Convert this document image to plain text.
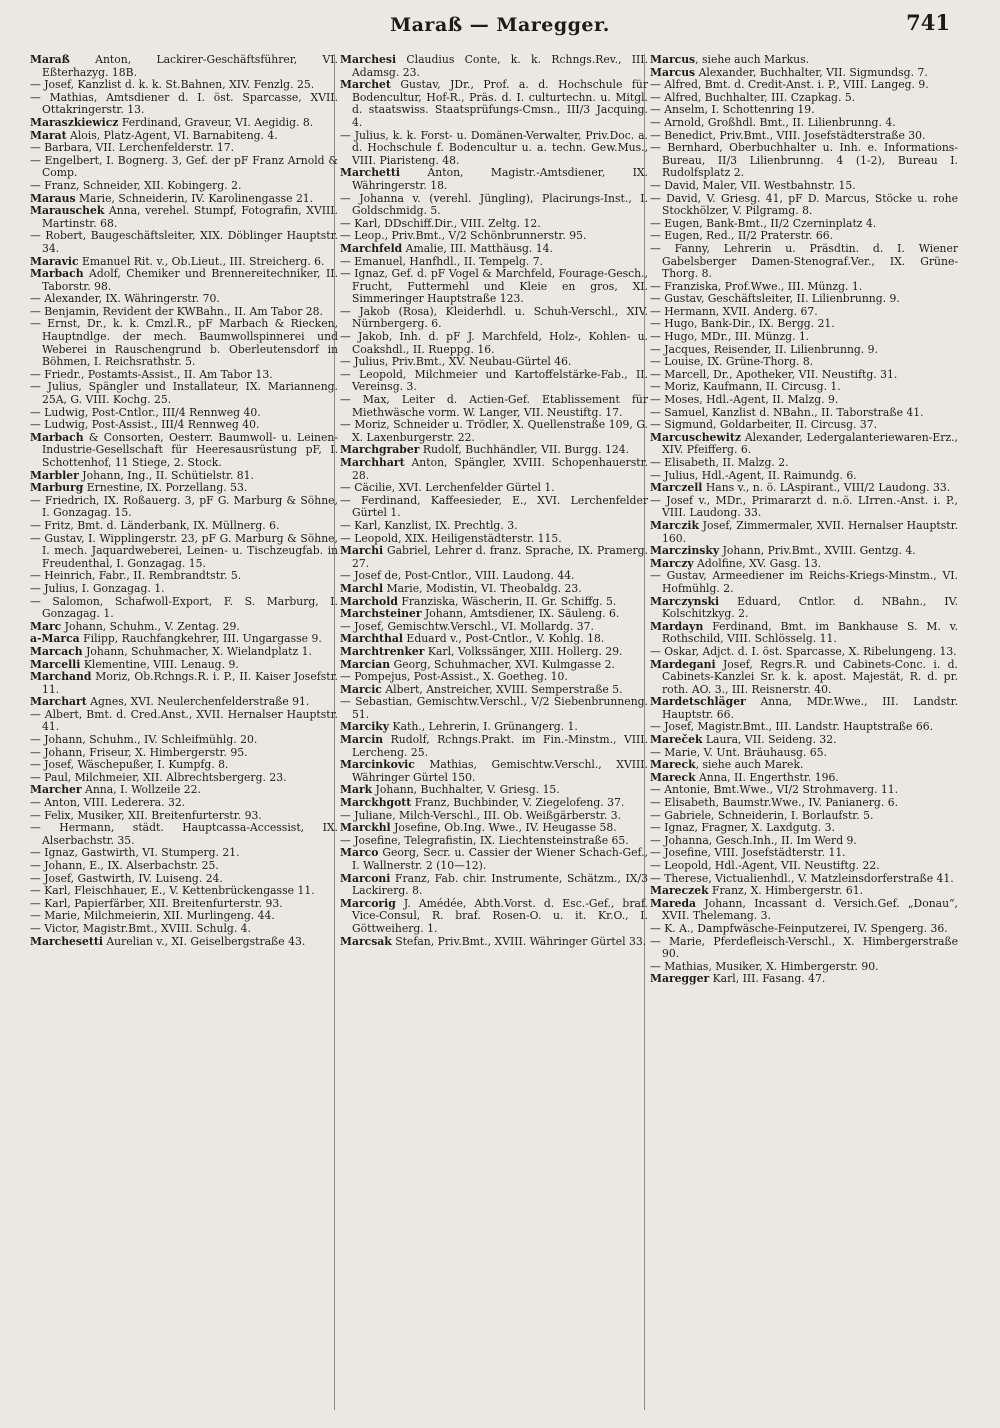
Maraß — Maregger.	741

Maraß Anton, Lackirer-Geschäftsführer, VI. Eßterhazyg. 18B.

— Josef, Kanzlist d. k. k. St.Bahnen, XIV. Fenzlg. 25.

— Mathias, Amtsdiener d. I. öst. Sparcasse, XVII. Ottakringerstr. 13.

Maraszkiewicz Ferdinand, Graveur, VI. Aegidig. 8.

Marat Alois, Platz-Agent, VI. Barnabiteng. 4.

— Barbara, VII. Lerchenfelderstr. 17.

— Engelbert, I. Bognerg. 3, Gef. der pF Franz Arnold & Comp.

— Franz, Schneider, XII. Kobingerg. 2.

Maraus Marie, Schneiderin, IV. Karolinengasse 21.

Marauschek Anna, verehel. Stumpf, Fotografin, XVIII. Martinstr. 68.

— Robert, Baugeschäftsleiter, XIX. Döblinger Hauptstr. 34.

Maravic Emanuel Rit. v., Ob.Lieut., III. Streicherg. 6.

Marbach Adolf, Chemiker und Brennereitechniker, II. Taborstr. 98.

— Alexander, IX. Währingerstr. 70.

— Benjamin, Revident der KWBahn., II. Am Tabor 28.

— Ernst, Dr., k. k. Cmzl.R., pF Marbach & Riecken, Hauptndlge. der mech. Baumwollspinnerei und Weberei in Rauschengrund b. Oberleutensdorf in Böhmen, I. Reichsrathstr. 5.

— Friedr., Postamts-Assist., II. Am Tabor 13.

— Julius, Spängler und Installateur, IX. Marianneng. 25A, G. VIII. Kochg. 25.

— Ludwig, Post-Cntlor., III/4 Rennweg 40.

— Ludwig, Post-Assist., III/4 Rennweg 40.

Marbach & Consorten, Oesterr. Baumwoll- u. Leinen-Industrie-Gesellschaft für Heeresausrüstung pF, I. Schottenhof, 11 Stiege, 2. Stock.

Marbler Johann, Ing., II. Schütielstr. 81.

Marburg Ernestine, IX. Porzellang. 53.

— Friedrich, IX. Roßauerg. 3, pF G. Marburg & Söhne, I. Gonzagag. 15.

— Fritz, Bmt. d. Länderbank, IX. Müllnerg. 6.

— Gustav, I. Wipplingerstr. 23, pF G. Marburg & Söhne, I. mech. Jaquardweberei, Leinen- u. Tischzeugfab. in Freudenthal, I. Gonzagag. 15.

— Heinrich, Fabr., II. Rembrandtstr. 5.

— Julius, I. Gonzagag. 1.

— Salomon, Schafwoll-Export, F. S. Marburg, I. Gonzagag. 1.

Marc Johann, Schuhm., V. Zentag. 29.

a-Marca Filipp, Rauchfangkehrer, III. Ungargasse 9.

Marcach Johann, Schuhmacher, X. Wielandplatz 1.

Marcelli Klementine, VIII. Lenaug. 9.

Marchand Moriz, Ob.Rchngs.R. i. P., II. Kaiser Josefstr. 11.

Marchart Agnes, XVI. Neulerchenfelderstraße 91.

— Albert, Bmt. d. Cred.Anst., XVII. Hernalser Hauptstr. 41.

— Johann, Schuhm., IV. Schleifmühlg. 20.

— Johann, Friseur, X. Himbergerstr. 95.

— Josef, Wäschepußer, I. Kumpfg. 8.

— Paul, Milchmeier, XII. Albrechtsbergerg. 23.

Marcher Anna, I. Wollzeile 22.

— Anton, VIII. Lederera. 32.

— Felix, Musiker, XII. Breitenfurterstr. 93.

— Hermann, städt. Hauptcassa-Accessist, IX. Alserbachstr. 35.

— Ignaz, Gastwirth, VI. Stumperg. 21.

— Johann, E., IX. Alserbachstr. 25.

— Josef, Gastwirth, IV. Luiseng. 24.

— Karl, Fleischhauer, E., V. Kettenbrückengasse 11.

— Karl, Papierfärber, XII. Breitenfurterstr. 93.

— Marie, Milchmeierin, XII. Murlingeng. 44.

— Victor, Magistr.Bmt., XVIII. Schulg. 4.

Marchesetti Aurelian v., XI. Geiselbergstraße 43.

Marchesi Claudius Conte, k. k. Rchngs.Rev., III. Adamsg. 23.

Marchet Gustav, JDr., Prof. a. d. Hochschule für Bodencultur, Hof-R., Präs. d. I. culturtechn. u. Mitgl. d. staatswiss. Staatsprüfungs-Cmsn., III/3 Jacquing. 4.

— Julius, k. k. Forst- u. Domänen-Verwalter, Priv.Doc. a. d. Hochschule f. Bodencultur u. a. techn. Gew.Mus., VIII. Piaristeng. 48.

Marchetti Anton, Magistr.-Amtsdiener, IX. Währingerstr. 18.

— Johanna v. (verehl. Jüngling), Placirungs-Inst., I. Goldschmidg. 5.

— Karl, DDschiff.Dir., VIII. Zeltg. 12.

— Leop., Priv.Bmt., V/2 Schönbrunnerstr. 95.

Marchfeld Amalie, III. Matthäusg. 14.

— Emanuel, Hanfhdl., II. Tempelg. 7.

— Ignaz, Gef. d. pF Vogel & Marchfeld, Fourage-Gesch., Frucht, Futtermehl und Kleie en gros, XI. Simmeringer Hauptstraße 123.

— Jakob (Rosa), Kleiderhdl. u. Schuh-Verschl., XIV. Nürnbergerg. 6.

— Jakob, Inh. d. pF J. Marchfeld, Holz-, Kohlen- u. Coakshdl., II. Rueppg. 16.

— Julius, Priv.Bmt., XV. Neubau-Gürtel 46.

— Leopold, Milchmeier und Kartoffelstärke-Fab., II. Vereinsg. 3.

— Max, Leiter d. Actien-Gef. Etablissement für Miethwäsche vorm. W. Langer, VII. Neustiftg. 17.

— Moriz, Schneider u. Trödler, X. Quellenstraße 109, G. X. Laxenburgerstr. 22.

Marchgraber Rudolf, Buchhändler, VII. Burgg. 124.

Marchhart Anton, Spängler, XVIII. Schopenhauerstr. 28.

— Cäcilie, XVI. Lerchenfelder Gürtel 1.

— Ferdinand, Kaffeesieder, E., XVI. Lerchenfelder Gürtel 1.

— Karl, Kanzlist, IX. Prechtlg. 3.

— Leopold, XIX. Heiligenstädterstr. 115.

Marchi Gabriel, Lehrer d. franz. Sprache, IX. Pramerg. 27.

— Josef de, Post-Cntlor., VIII. Laudong. 44.

Marchl Marie, Modistin, VI. Theobaldg. 23.

Marchold Franziska, Wäscherin, II. Gr. Schiffg. 5.

Marchsteiner Johann, Amtsdiener, IX. Säuleng. 6.

— Josef, Gemischtw.Verschl., VI. Mollardg. 37.

Marchthal Eduard v., Post-Cntlor., V. Kohlg. 18.

Marchtrenker Karl, Volkssänger, XIII. Hollerg. 29.

Marcian Georg, Schuhmacher, XVI. Kulmgasse 2.

— Pompejus, Post-Assist., X. Goetheg. 10.

Marcic Albert, Anstreicher, XVIII. Semperstraße 5.

— Sebastian, Gemischtw.Verschl., V/2 Siebenbrunneng. 51.

Marciky Kath., Lehrerin, I. Grünangerg. 1.

Marcin Rudolf, Rchngs.Prakt. im Fin.-Minstm., VIII. Lercheng. 25.

Marcinkovic Mathias, Gemischtw.Verschl., XVIII. Währinger Gürtel 150.

Mark Johann, Buchhalter, V. Griesg. 15.

Marckhgott Franz, Buchbinder, V. Ziegelofeng. 37.

— Juliane, Milch-Verschl., III. Ob. Weißgärberstr. 3.

Marckhl Josefine, Ob.Ing. Wwe., IV. Heugasse 58.

— Josefine, Telegrafistin, IX. Liechtensteinstraße 65.

Marco Georg, Secr. u. Cassier der Wiener Schach-Gef., I. Wallnerstr. 2 (10—12).

Marconi Franz, Fab. chir. Instrumente, Schätzm., IX/3 Lackirerg. 8.

Marcorig J. Amédée, Abth.Vorst. d. Esc.-Gef., braf. Vice-Consul, R. braf. Rosen-O. u. it. Kr.O., I. Göttweiherg. 1.

Marcsak Stefan, Priv.Bmt., XVIII. Währinger Gürtel 33.

Marcus, siehe auch Markus.

Marcus Alexander, Buchhalter, VII. Sigmundsg. 7.

— Alfred, Bmt. d. Credit-Anst. i. P., VIII. Langeg. 9.

— Alfred, Buchhalter, III. Czapkag. 5.

— Anselm, I. Schottenring 19.

— Arnold, Großhdl. Bmt., II. Lilienbrunng. 4.

— Benedict, Priv.Bmt., VIII. Josefstädterstraße 30.

— Bernhard, Oberbuchhalter u. Inh. e. Informations-Bureau, II/3 Lilienbrunng. 4 (1-2), Bureau I. Rudolfsplatz 2.

— David, Maler, VII. Westbahnstr. 15.

— David, V. Griesg. 41, pF D. Marcus, Stöcke u. rohe Stockhölzer, V. Pilgramg. 8.

— Eugen, Bank-Bmt., II/2 Czerninplatz 4.

— Eugen, Red., II/2 Praterstr. 66.

— Fanny, Lehrerin u. Präsdtin. d. I. Wiener Gabelsberger Damen-Stenograf.Ver., IX. Grüne-Thorg. 8.

— Franziska, Prof.Wwe., III. Münzg. 1.

— Gustav, Geschäftsleiter, II. Lilienbrunng. 9.

— Hermann, XVII. Anderg. 67.

— Hugo, Bank-Dir., IX. Bergg. 21.

— Hugo, MDr., III. Münzg. 1.

— Jacques, Reisender, II. Lilienbrunng. 9.

— Louise, IX. Grüne-Thorg. 8.

— Marcell, Dr., Apotheker, VII. Neustiftg. 31.

— Moriz, Kaufmann, II. Circusg. 1.

— Moses, Hdl.-Agent, II. Malzg. 9.

— Samuel, Kanzlist d. NBahn., II. Taborstraße 41.

— Sigmund, Goldarbeiter, II. Circusg. 37.

Marcuschewitz Alexander, Ledergalanteriewaren-Erz., XIV. Pfeifferg. 6.

— Elisabeth, II. Malzg. 2.

— Julius, Hdl.-Agent, II. Raimundg. 6.

Marczell Hans v., n. ö. LAspirant., VIII/2 Laudong. 33.

— Josef v., MDr., Primararzt d. n.ö. LIrren.-Anst. i. P., VIII. Laudong. 33.

Marczik Josef, Zimmermaler, XVII. Hernalser Hauptstr. 160.

Marczinsky Johann, Priv.Bmt., XVIII. Gentzg. 4.

Marczy Adolfine, XV. Gasg. 13.

— Gustav, Armeediener im Reichs-Kriegs-Minstm., VI. Hofmühlg. 2.

Marczynski Eduard, Cntlor. d. NBahn., IV. Kolschitzkyg. 2.

Mardayn Ferdinand, Bmt. im Bankhause S. M. v. Rothschild, VIII. Schlösselg. 11.

— Oskar, Adjct. d. I. öst. Sparcasse, X. Ribelungeng. 13.

Mardegani Josef, Regrs.R. und Cabinets-Conc. i. d. Cabinets-Kanzlei Sr. k. k. apost. Majestät, R. d. pr. roth. AO. 3., III. Reisnerstr. 40.

Mardetschläger Anna, MDr.Wwe., III. Landstr. Hauptstr. 66.

— Josef, Magistr.Bmt., III. Landstr. Hauptstraße 66.

Mareček Laura, VII. Seideng. 32.

— Marie, V. Unt. Bräuhausg. 65.

Mareck, siehe auch Marek.

Mareck Anna, II. Engerthstr. 196.

— Antonie, Bmt.Wwe., VI/2 Strohmaverg. 11.

— Elisabeth, Baumstr.Wwe., IV. Panianerg. 6.

— Gabriele, Schneiderin, I. Borlaufstr. 5.

— Ignaz, Fragner, X. Laxdgutg. 3.

— Johanna, Gesch.Inh., II. Im Werd 9.

— Josefine, VIII. Josefstädterstr. 11.

— Leopold, Hdl.-Agent, VII. Neustiftg. 22.

— Therese, Victualienhdl., V. Matzleinsdorferstraße 41.

Mareczek Franz, X. Himbergerstr. 61.

Mareda Johann, Incassant d. Versich.Gef. „Donau“, XVII. Thelemang. 3.

— K. A., Dampfwäsche-Feinputzerei, IV. Spengerg. 36.

— Marie, Pferdefleisch-Verschl., X. Himbergerstraße 90.

— Mathias, Musiker, X. Himbergerstr. 90.

Maregger Karl, III. Fasang. 47.
